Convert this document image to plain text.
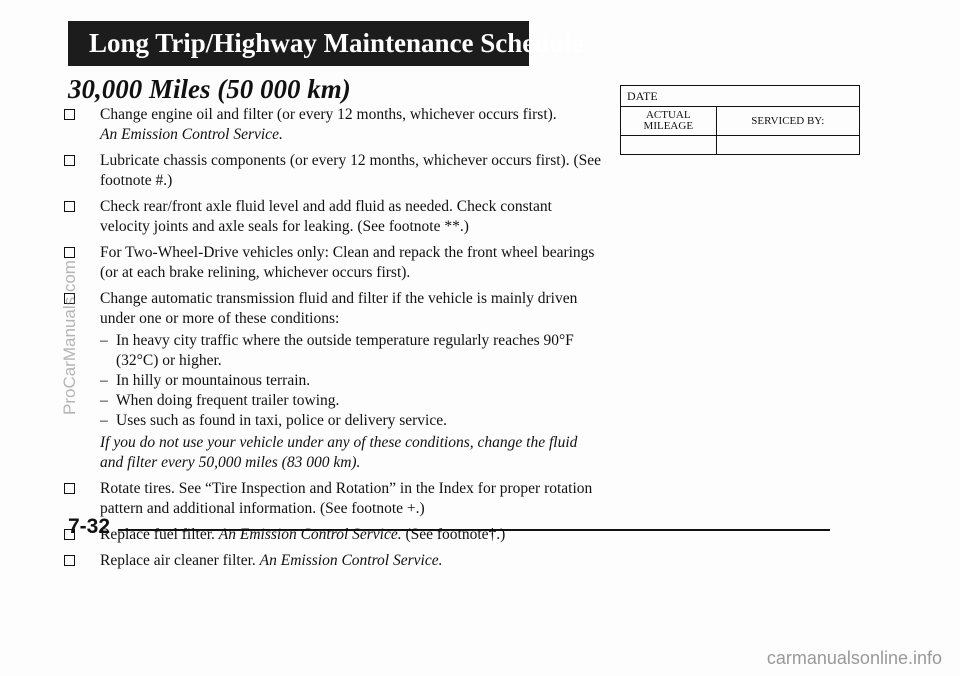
Long Trip/Highway Maintenance Schedule
30,000 Miles (50 000 km)
Change engine oil and filter (or every 12 months, whichever occurs first).
An Emission Control Service.
Lubricate chassis components (or every 12 months, whichever occurs first). (See footnote #.)
Check rear/front axle fluid level and add fluid as needed. Check constant velocity joints and axle seals for leaking. (See footnote **.)
For Two-Wheel-Drive vehicles only: Clean and repack the front wheel bearings (or at each brake relining, whichever occurs first).
Change automatic transmission fluid and filter if the vehicle is mainly driven under one or more of these conditions:
– In heavy city traffic where the outside temperature regularly reaches 90°F (32°C) or higher.
– In hilly or mountainous terrain.
– When doing frequent trailer towing.
– Uses such as found in taxi, police or delivery service.
If you do not use your vehicle under any of these conditions, change the fluid and filter every 50,000 miles (83 000 km).
Rotate tires. See “Tire Inspection and Rotation” in the Index for proper rotation pattern and additional information. (See footnote +.)
Replace fuel filter. An Emission Control Service. (See footnote†.)
Replace air cleaner filter. An Emission Control Service.
DATE	
ACTUAL MILEAGE	SERVICED BY:

7-32
ProCarManuals.com
carmanualsonline.info
